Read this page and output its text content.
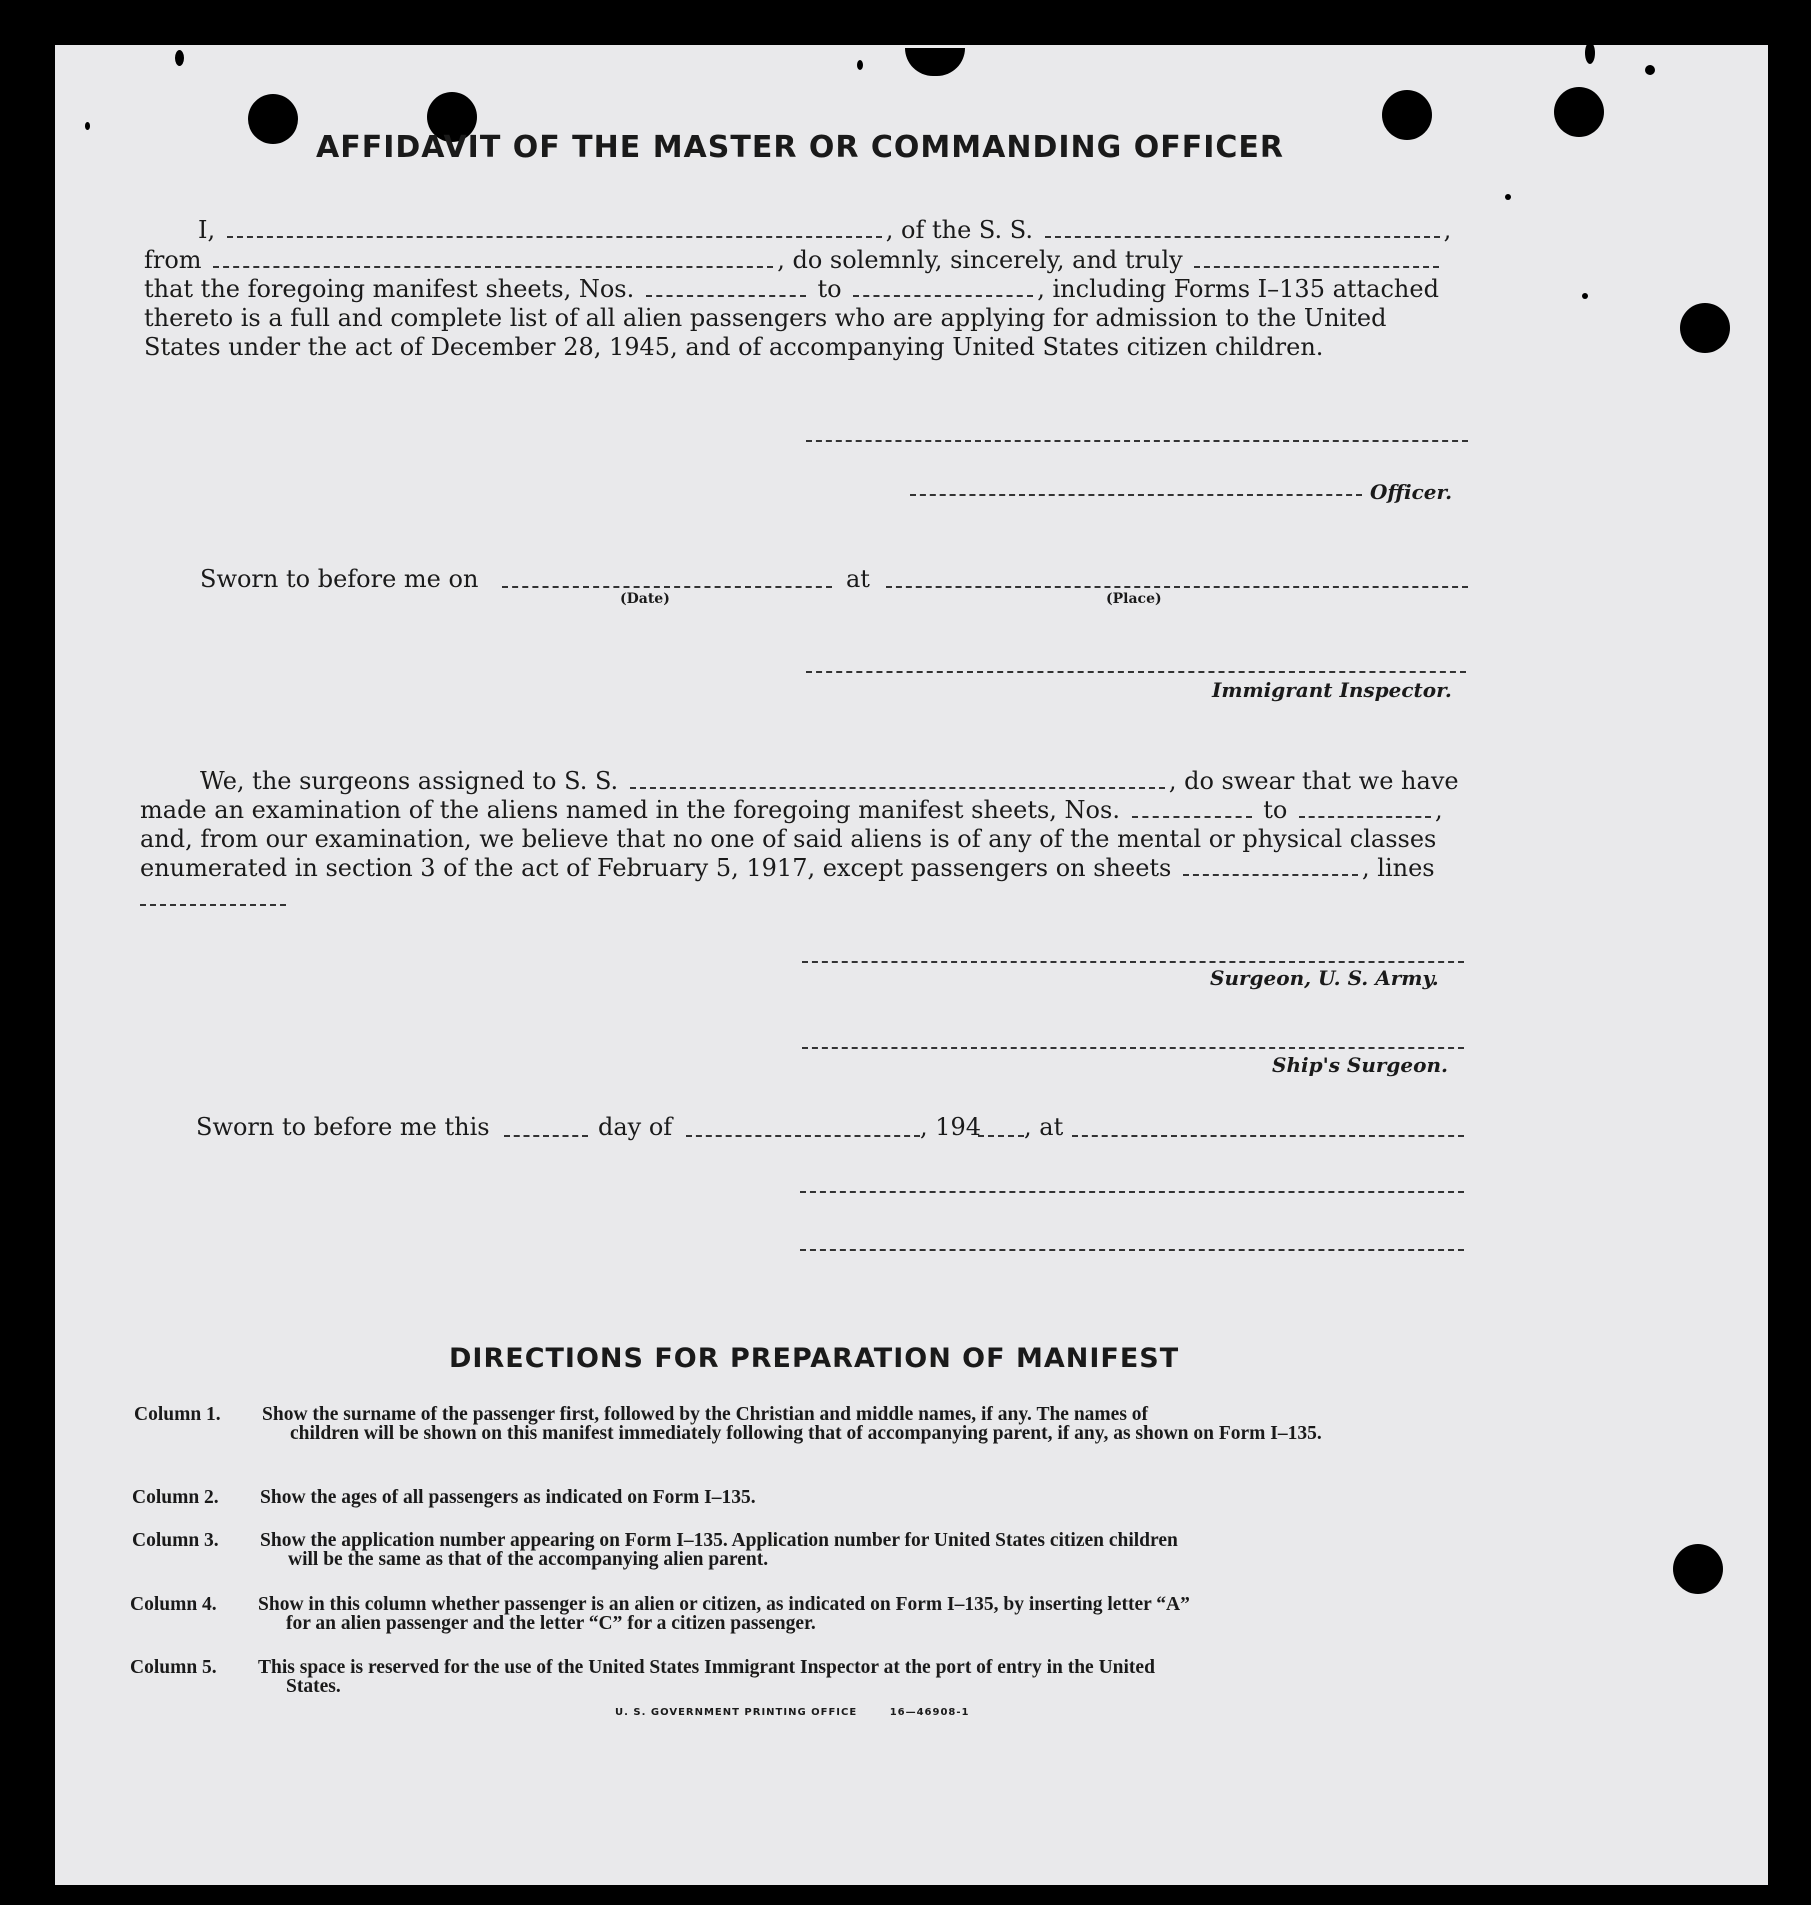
AFFIDAVIT OF THE MASTER OR COMMANDING OFFICER
I,	, of the S. S.	,
from	, do solemnly, sincerely, and truly
that the foregoing manifest sheets, Nos.	to	, including Forms I–135 attached
thereto is a full and complete list of all alien passengers who are applying for admission to the United
States under the act of December 28, 1945, and of accompanying United States citizen children.
Officer.
Sworn to before me on	at
(Date)	(Place)
Immigrant Inspector.
We, the surgeons assigned to S. S.	, do swear that we have
made an examination of the aliens named in the foregoing manifest sheets, Nos.	to	,
and, from our examination, we believe that no one of said aliens is of any of the mental or physical classes
enumerated in section 3 of the act of February 5, 1917, except passengers on sheets	, lines
Surgeon, U. S. Army.
Ship's Surgeon.
Sworn to before me this	day of	, 194 , at
DIRECTIONS FOR PREPARATION OF MANIFEST
Column 1. Show the surname of the passenger first, followed by the Christian and middle names, if any. The names of
children will be shown on this manifest immediately following that of accompanying parent, if any, as shown on Form I–135.
Column 2. Show the ages of all passengers as indicated on Form I–135.
Column 3. Show the application number appearing on Form I–135. Application number for United States citizen children
will be the same as that of the accompanying alien parent.
Column 4. Show in this column whether passenger is an alien or citizen, as indicated on Form I–135, by inserting letter “A”
for an alien passenger and the letter “C” for a citizen passenger.
Column 5. This space is reserved for the use of the United States Immigrant Inspector at the port of entry in the United
States.
U. S. GOVERNMENT PRINTING OFFICE	16—46908-1
